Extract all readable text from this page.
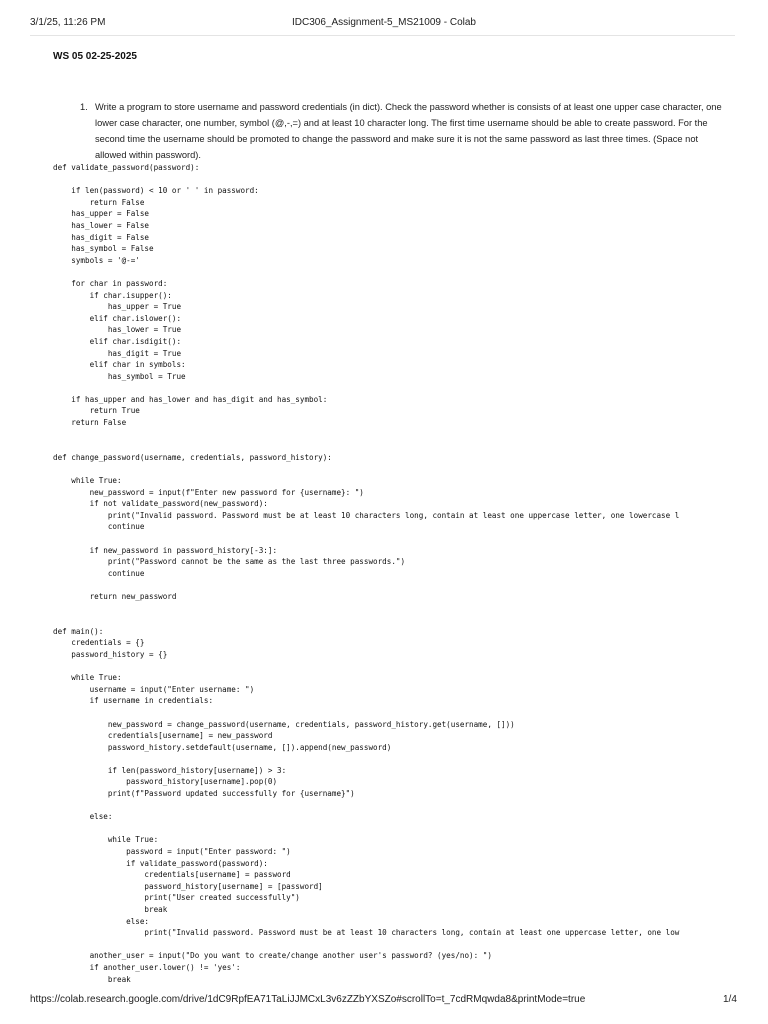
3/1/25, 11:26 PM	IDC306_Assignment-5_MS21009 - Colab
WS 05 02-25-2025
1. Write a program to store username and password credentials (in dict). Check the password whether is consists of at least one upper case character, one lower case character, one number, symbol (@,-,=) and at least 10 character long. The first time username should be able to create password. For the second time the username should be promoted to change the password and make sure it is not the same password as last three times. (Space not allowed within password).
def validate_password(password):

if len(password) < 10 or ' ' in password:
return False
has_upper = False
has_lower = False
has_digit = False
has_symbol = False
symbols = '@-='

for char in password:
if char.isupper():
has_upper = True
elif char.islower():
has_lower = True
elif char.isdigit():
has_digit = True
elif char in symbols:
has_symbol = True

if has_upper and has_lower and has_digit and has_symbol:
return True
return False

def change_password(username, credentials, password_history):

while True:
new_password = input(f"Enter new password for {username}: ")
if not validate_password(new_password):
print("Invalid password. Password must be at least 10 characters long, contain at least one uppercase letter, one lowercase l
continue

if new_password in password_history[-3:]:
print("Password cannot be the same as the last three passwords.")
continue

return new_password

def main():
credentials = {}
password_history = {}

while True:
username = input("Enter username: ")
if username in credentials:

new_password = change_password(username, credentials, password_history.get(username, []))
credentials[username] = new_password
password_history.setdefault(username, []).append(new_password)

if len(password_history[username]) > 3:
password_history[username].pop(0)
print(f"Password updated successfully for {username}")

else:

while True:
password = input("Enter password: ")
if validate_password(password):
credentials[username] = password
password_history[username] = [password]
print("User created successfully")
break
else:
print("Invalid password. Password must be at least 10 characters long, contain at least one uppercase letter, one low

another_user = input("Do you want to create/change another user's password? (yes/no): ")
if another_user.lower() != 'yes':
break
https://colab.research.google.com/drive/1dC9RpfEA71TaLiJJMCxL3v6zZZbYXSZo#scrollTo=t_7cdRMqwda8&printMode=true	1/4
